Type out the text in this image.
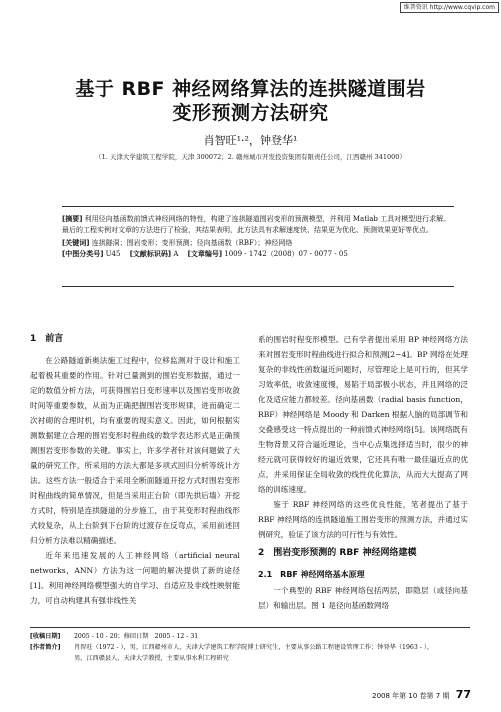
维普资讯 http://www.cqvip.com
基于 RBF 神经网络算法的连拱隧道围岩
变形预测方法研究
肖智旺¹·²，钟登华¹
（1. 天津大学建筑工程学院，天津 300072；2. 赣州城市开发投资集团有限责任公司，江西赣州 341000）

[摘要] 利用径向基函数前馈式神经网络的特性，构建了连拱隧道围岩变形的预测模型，并利用 Matlab 工具对模型进行求解。最后的工程实例对文章的方法进行了检验，其结果表明，此方法具有求解速度快、结果更为优化、预测效果更好等优点。

[关键词] 连拱隧洞；围岩变形；变形预测；径向基函数（RBF）；神经网络

[中图分类号] U45　 [文献标识码] A　 [文章编号] 1009 - 1742（2008）07 - 0077 - 05

1　前言

在公路隧道新奥法施工过程中，位移监测对于设计和施工起着极其重要的作用。针对已量测到的围岩变形数据，通过一定的数值分析方法，可获得围岩日变形速率以及围岩变形收敛时间等重要参数，从而为正确把握围岩变形规律，进而确定二次衬砌的合理时机，均有重要的现实意义。因此，如何根据实测数据建立合理的围岩变形时程曲线的数学表达形式是正确预测围岩变形参数的关键。事实上，许多学者针对该问题做了大量的研究工作，所采用的方法大都是多项式回归分析等统计方法。这些方法一般适合于采用全断面隧道开挖方式时围岩变形时程曲线的简单情况，但是当采用正台阶（即先拱后墙）开挖方式时，特别是连拱隧道的分步施工，由于其变形时程曲线形式较复杂，从上台阶到下台阶的过渡存在反弯点，采用前述回归分析方法难以精确描述。

近年来迅速发展的人工神经网络（artificial neural networks，ANN）方法为这一问题的解决提供了新的途径[1]。利用神经网络模型强大的自学习、自适应及非线性映射能力，可自动构建具有强非线性关

系的围岩时程变形模型。已有学者提出采用 BP 神经网络方法来对围岩变形时程曲线进行拟合和预测[2~4]。BP 网络在处理复杂的非线性函数逼近问题时，尽管理论上是可行的，但其学习效率低，收敛速度慢，易陷于局部极小状态，并且网络的泛化及适应能力都较差。径向基函数（radial basis function，RBF）神经网络是 Moody 和 Darken 根据人脑的局部调节和交叠感受这一特点提出的一种前馈式神经网络[5]。该网络既有生物背景又符合逼近理论，当中心点集选择适当时，很少的神经元就可获得较好的逼近效果，它还具有唯一最佳逼近点的优点，并采用保证全局收敛的线性优化算法，从而大大提高了网络的训练速度。

鉴于 RBF 神经网络的这些优良性能，笔者提出了基于 RBF 神经网络的连拱隧道施工围岩变形的预测方法，并通过实例研究，验证了该方法的可行性与有效性。

2　围岩变形预测的 RBF 神经网络建模
2.1　RBF 神经网络基本原理

一个典型的 RBF 神经网络包括两层，即隐层（或径向基层）和输出层。图 1 是径向基函数网络

[收稿日期]	2005 - 10 - 20；修回日期　2005 - 12 - 31
[作者简介]	肖智旺（1972 - ），男，江西赣州市人，天津大学建筑工程学院博士研究生，主要从事公路工程建设管理工作；钟登华（1963 - ），
男，江西赣县人，天津大学教授，主要从事水利工程研究
2008 年第 10 卷第 7 期 77
